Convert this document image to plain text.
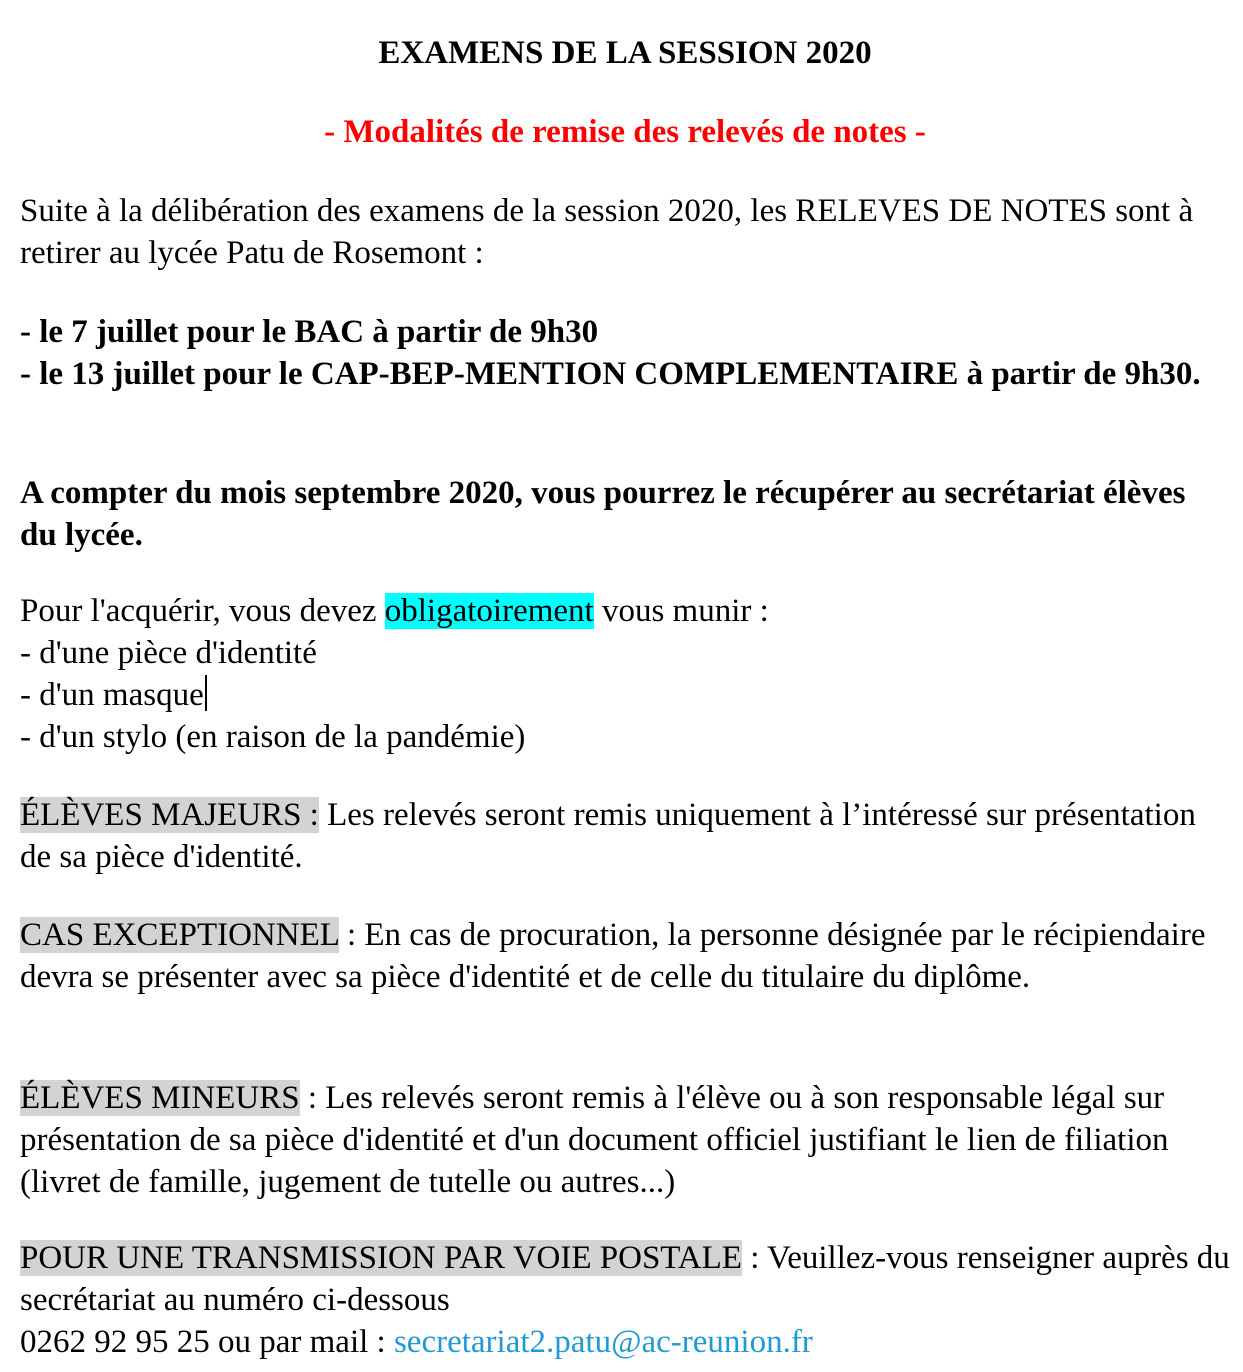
EXAMENS DE LA SESSION 2020
- Modalités de remise des relevés de notes -
Suite à la délibération des examens de la session 2020, les RELEVES DE NOTES sont à retirer au lycée Patu de Rosemont :
- le 7 juillet pour le BAC à partir de 9h30
- le 13 juillet pour le CAP-BEP-MENTION COMPLEMENTAIRE à partir de 9h30.
A compter du mois septembre 2020, vous pourrez le récupérer au secrétariat élèves du lycée.
Pour l'acquérir, vous devez obligatoirement vous munir :
- d'une pièce d'identité
- d'un masque
- d'un stylo (en raison de la pandémie)
ÉLÈVES MAJEURS : Les relevés seront remis uniquement à l’intéressé sur présentation de sa pièce d'identité.
CAS EXCEPTIONNEL : En cas de procuration, la personne désignée par le récipiendaire devra se présenter avec sa pièce d'identité et de celle du titulaire du diplôme.
ÉLÈVES MINEURS : Les relevés seront remis à l'élève ou à son responsable légal sur présentation de sa pièce d'identité et d'un document officiel justifiant le lien de filiation (livret de famille, jugement de tutelle ou autres...)
POUR UNE TRANSMISSION PAR VOIE POSTALE : Veuillez-vous renseigner auprès du secrétariat au numéro ci-dessous
0262 92 95 25 ou par mail : secretariat2.patu@ac-reunion.fr
